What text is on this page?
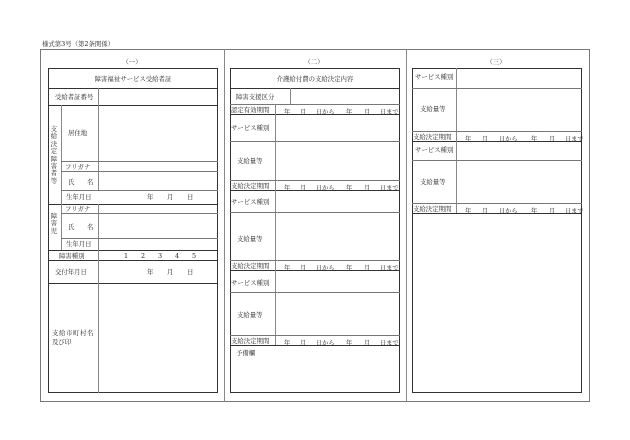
様式第3号（第2条関係）
（一）	（二）	（三）
障害福祉サービス受給者証
受給者証番号
支給決定障害者等
居住地
フリガナ
氏　　名
生年月日	年 月 日
障害児
フリガナ
氏　　名
生年月日
障害種別	1 2 3 4 5
交付年月日	年 月 日
支給市町村名
及び印
介護給付費の支給決定内容
障害支援区分
認定有効期間 年 月 日から 年 月 日まで
サービス種別
支給量等
支給決定期間 年 月 日から 年 月 日まで
サービス種別
支給量等
支給決定期間 年 月 日から 年 月 日まで
サービス種別
支給量等
支給決定期間 年 月 日から 年 月 日まで
予備欄
サービス種別
支給量等
支給決定期間 年 月 日から 年 月 日まで
サービス種別
支給量等
支給決定期間 年 月 日から 年 月 日まで
